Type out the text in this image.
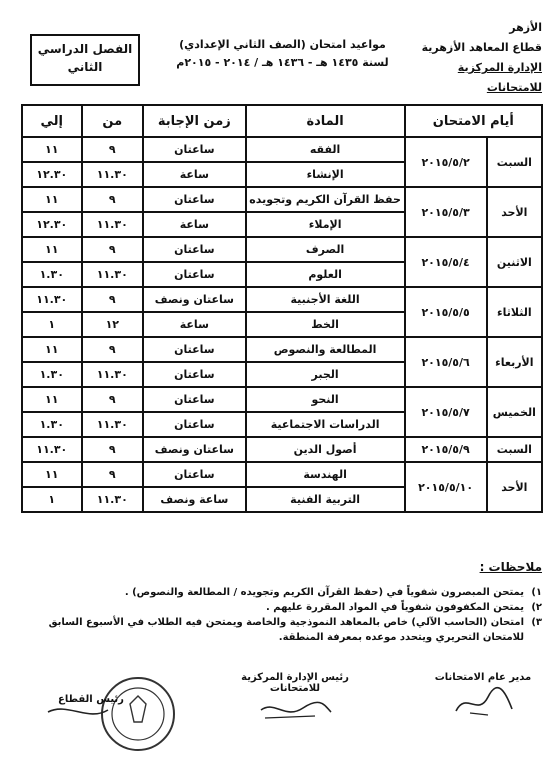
الأزهر
قطاع المعاهد الأزهرية
الإدارة المركزية للامتحانات
مواعيد امتحان (الصف الثاني الإعدادي)
لسنة ١٤٣٥ هـ - ١٤٣٦ هـ / ٢٠١٤ - ٢٠١٥م
الفصل الدراسي
الثاني
أيام الامتحان		المادة	زمن الإجابة	من	إلي
السبت	٢٠١٥/٥/٢	الفقه	ساعتان	٩	١١
		الإنشاء	ساعة	١١.٣٠	١٢.٣٠
الأحد	٢٠١٥/٥/٣	حفظ القرآن الكريم وتجويده	ساعتان	٩	١١
		الإملاء	ساعة	١١.٣٠	١٢.٣٠
الاثنين	٢٠١٥/٥/٤	الصرف	ساعتان	٩	١١
		العلوم	ساعتان	١١.٣٠	١.٣٠
الثلاثاء	٢٠١٥/٥/٥	اللغة الأجنبية	ساعتان ونصف	٩	١١.٣٠
		الخط	ساعة	١٢	١
الأربعاء	٢٠١٥/٥/٦	المطالعة والنصوص	ساعتان	٩	١١
		الجبر	ساعتان	١١.٣٠	١.٣٠
الخميس	٢٠١٥/٥/٧	النحو	ساعتان	٩	١١
		الدراسات الاجتماعية	ساعتان	١١.٣٠	١.٣٠
السبت	٢٠١٥/٥/٩	أصول الدين	ساعتان ونصف	٩	١١.٣٠
الأحد	٢٠١٥/٥/١٠	الهندسة	ساعتان	٩	١١
		التربية الفنية	ساعة ونصف	١١.٣٠	١
ملاحظات :
١)
يمتحن المبصرون شفوياً في (حفظ القرآن الكريم وتجويده / المطالعة والنصوص) .
٢)
يمتحن المكفوفون شفوياً في المواد المقررة عليهم .
٣)
امتحان (الحاسب الآلي) خاص بالمعاهد النموذجية والخاصة ويمتحن فيه الطلاب في الأسبوع السابق للامتحان التحريري ويتحدد موعده بمعرفة المنطقة.
مدير عام الامتحانات
رئيس الإدارة المركزية للامتحانات
رئيس القطاع
